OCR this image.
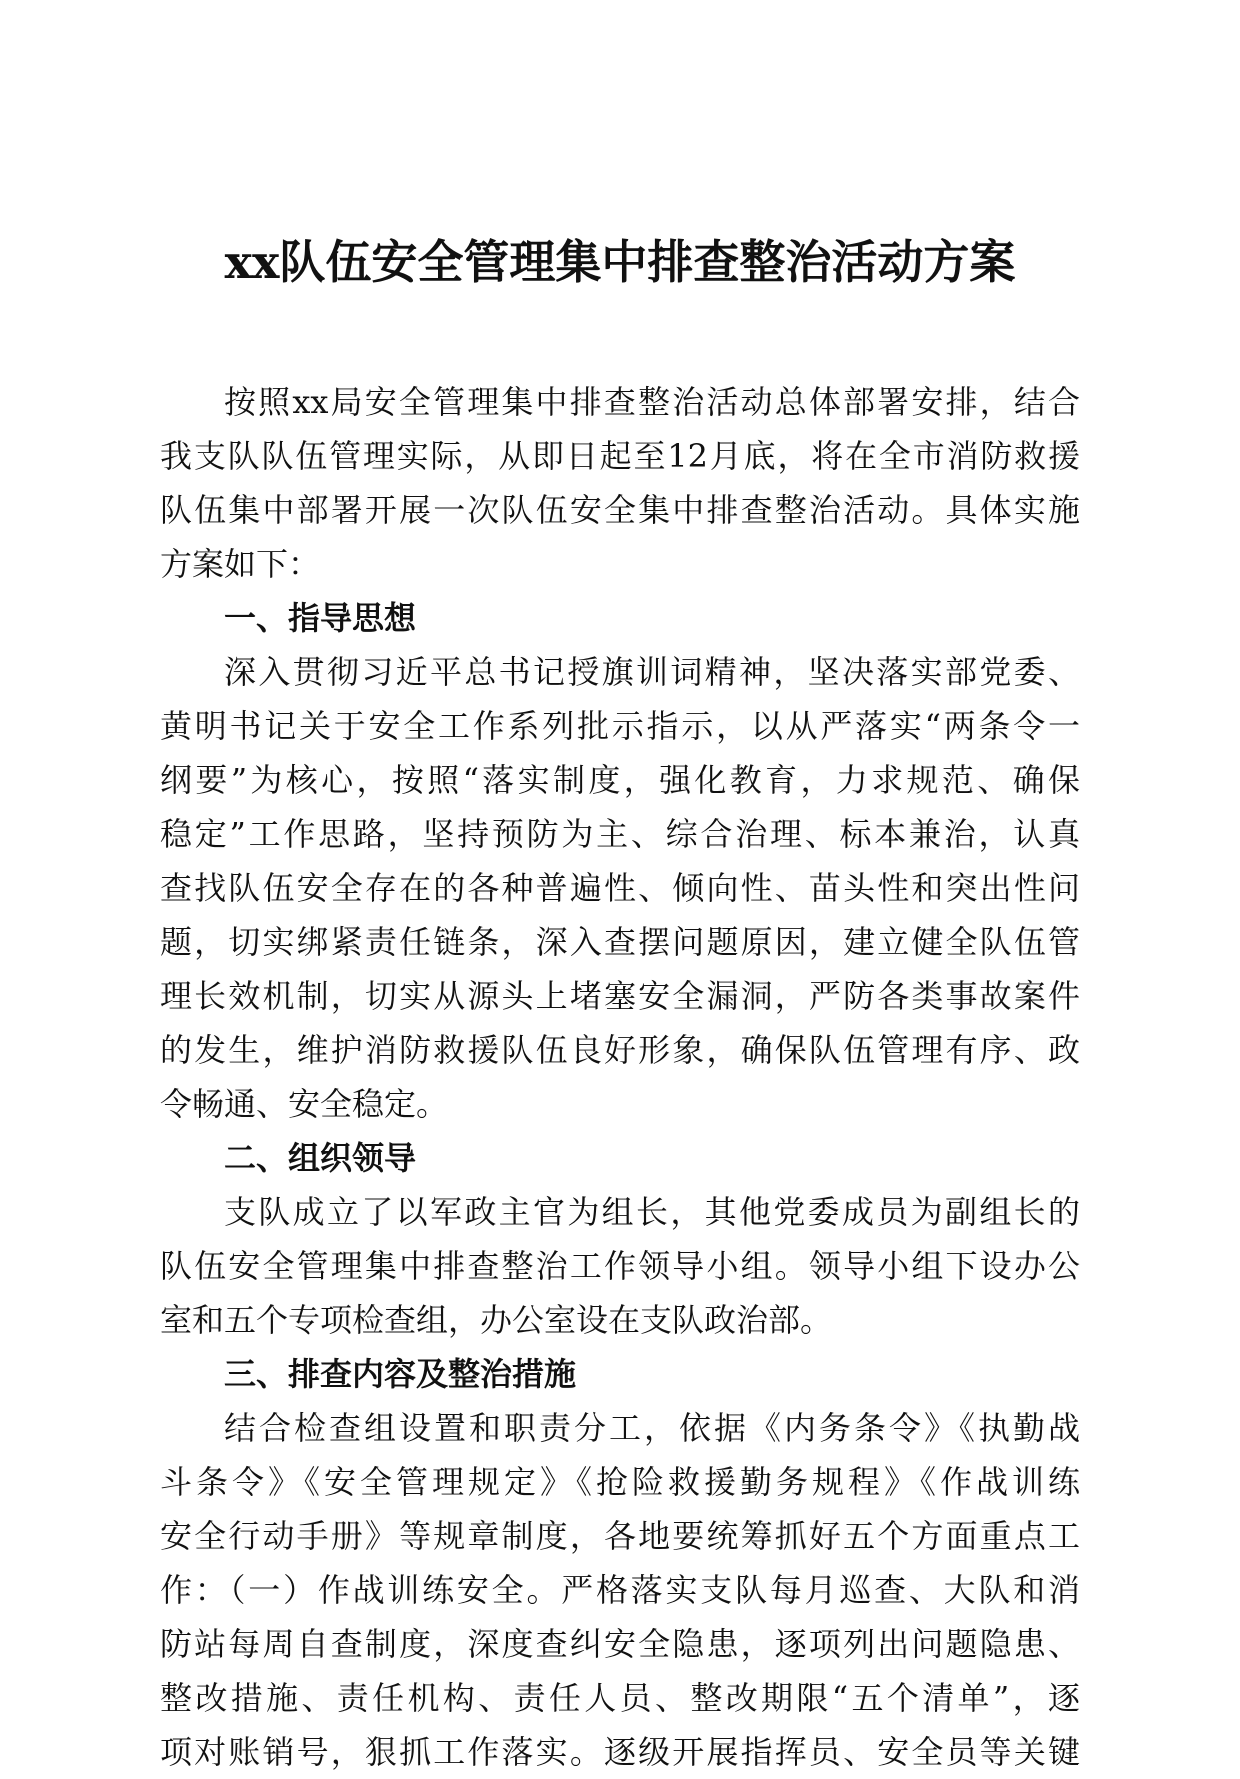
xx队伍安全管理集中排查整治活动方案
按照xx局安全管理集中排查整治活动总体部署安排，结合
我支队队伍管理实际，从即日起至12月底，将在全市消防救援
队伍集中部署开展一次队伍安全集中排查整治活动。具体实施
方案如下：
一、指导思想
深入贯彻习近平总书记授旗训词精神，坚决落实部党委、
黄明书记关于安全工作系列批示指示，以从严落实“两条令一
纲要”为核心，按照“落实制度，强化教育，力求规范、确保
稳定”工作思路，坚持预防为主、综合治理、标本兼治，认真
查找队伍安全存在的各种普遍性、倾向性、苗头性和突出性问
题，切实绑紧责任链条，深入查摆问题原因，建立健全队伍管
理长效机制，切实从源头上堵塞安全漏洞，严防各类事故案件
的发生，维护消防救援队伍良好形象，确保队伍管理有序、政
令畅通、安全稳定。
二、组织领导
支队成立了以军政主官为组长，其他党委成员为副组长的
队伍安全管理集中排查整治工作领导小组。领导小组下设办公
室和五个专项检查组，办公室设在支队政治部。
三、排查内容及整治措施
结合检查组设置和职责分工，依据《内务条令》《执勤战
斗条令》《安全管理规定》《抢险救援勤务规程》《作战训练
安全行动手册》等规章制度，各地要统筹抓好五个方面重点工
作：（一）作战训练安全。严格落实支队每月巡查、大队和消
防站每周自查制度，深度查纠安全隐患，逐项列出问题隐患、
整改措施、责任机构、责任人员、整改期限“五个清单”，逐
项对账销号，狠抓工作落实。逐级开展指挥员、安全员等关键
